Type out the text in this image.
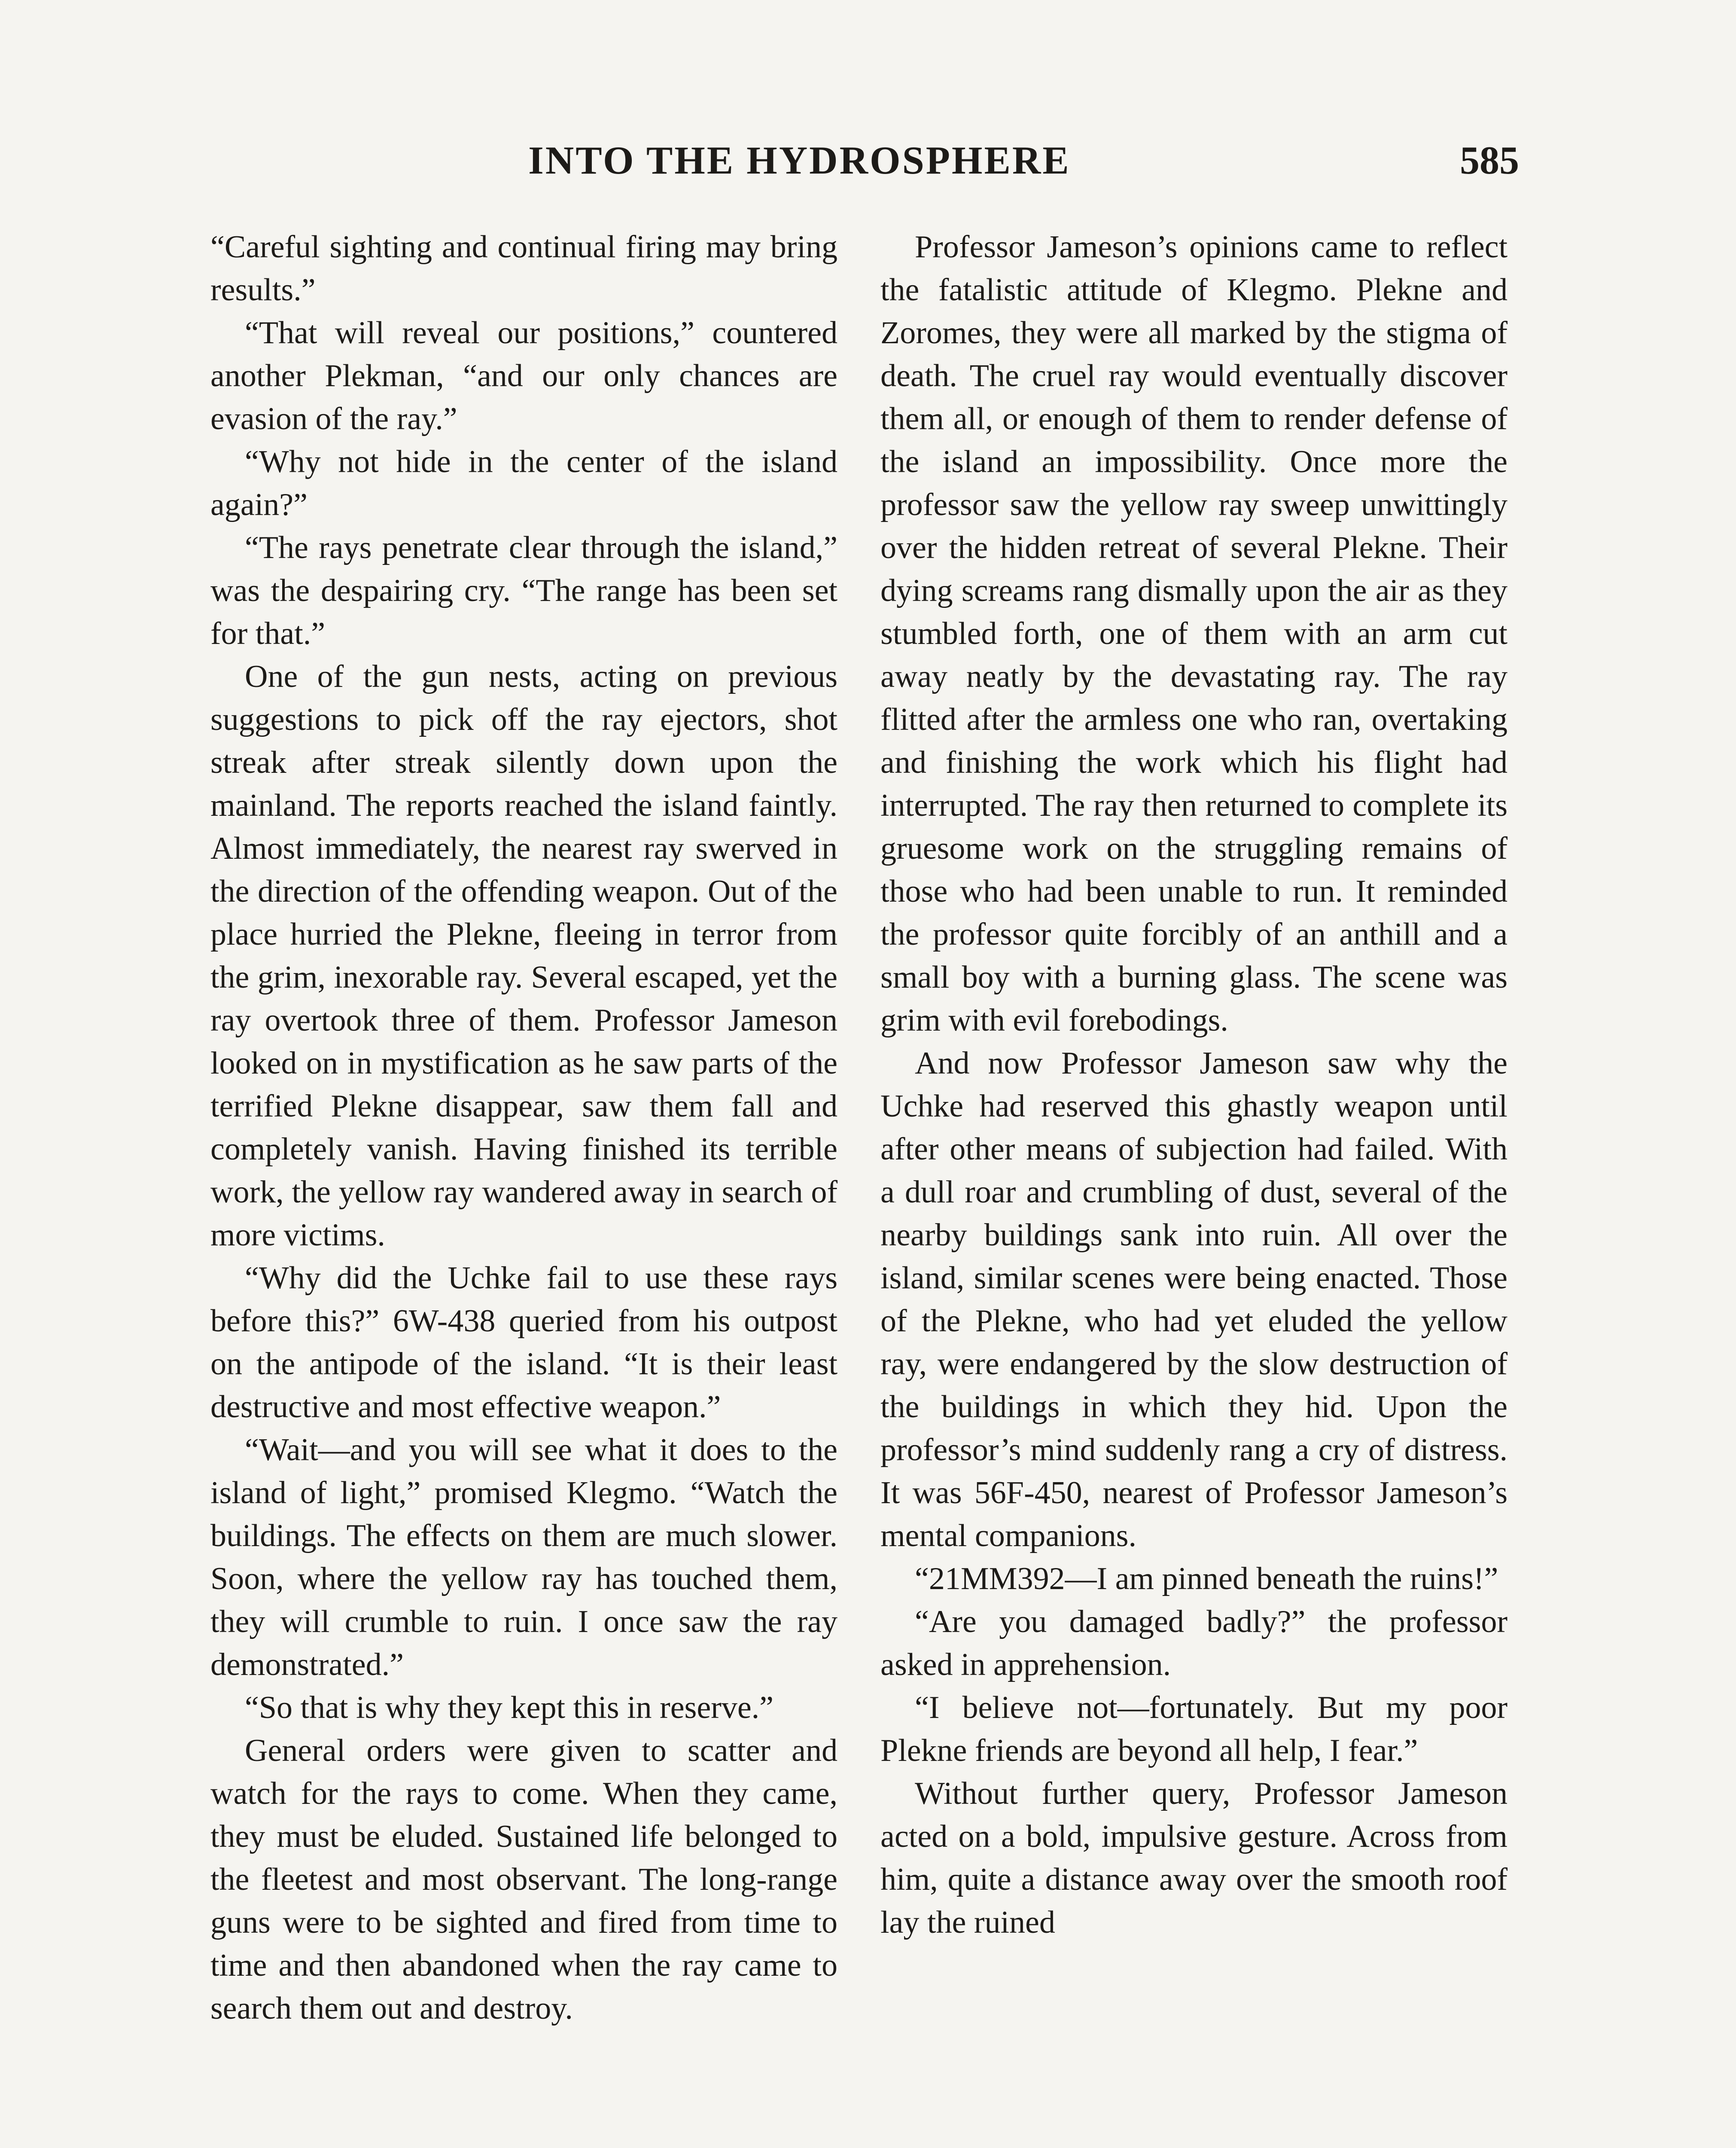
INTO THE HYDROSPHERE	585

“Careful sighting and continual firing may bring results.”

“That will reveal our positions,” countered another Plekman, “and our only chances are evasion of the ray.”

“Why not hide in the center of the island again?”

“The rays penetrate clear through the island,” was the despairing cry. “The range has been set for that.”

One of the gun nests, acting on previous suggestions to pick off the ray ejectors, shot streak after streak silently down upon the mainland. The reports reached the island faintly. Almost immediately, the nearest ray swerved in the direction of the offending weapon. Out of the place hurried the Plekne, fleeing in terror from the grim, inexorable ray. Several escaped, yet the ray overtook three of them. Professor Jameson looked on in mystification as he saw parts of the terrified Plekne disappear, saw them fall and completely vanish. Having finished its terrible work, the yellow ray wandered away in search of more victims.

“Why did the Uchke fail to use these rays before this?” 6W-438 queried from his outpost on the antipode of the island. “It is their least destructive and most effective weapon.”

“Wait—and you will see what it does to the island of light,” promised Klegmo. “Watch the buildings. The effects on them are much slower. Soon, where the yellow ray has touched them, they will crumble to ruin. I once saw the ray demonstrated.”

“So that is why they kept this in reserve.”

General orders were given to scatter and watch for the rays to come. When they came, they must be eluded. Sustained life belonged to the fleetest and most observant. The long-range guns were to be sighted and fired from time to time and then abandoned when the ray came to search them out and destroy.

Professor Jameson’s opinions came to reflect the fatalistic attitude of Klegmo. Plekne and Zoromes, they were all marked by the stigma of death. The cruel ray would eventually discover them all, or enough of them to render defense of the island an impossibility. Once more the professor saw the yellow ray sweep unwittingly over the hidden retreat of several Plekne. Their dying screams rang dismally upon the air as they stumbled forth, one of them with an arm cut away neatly by the devastating ray. The ray flitted after the armless one who ran, overtaking and finishing the work which his flight had interrupted. The ray then returned to complete its gruesome work on the struggling remains of those who had been unable to run. It reminded the professor quite forcibly of an anthill and a small boy with a burning glass. The scene was grim with evil forebodings.

And now Professor Jameson saw why the Uchke had reserved this ghastly weapon until after other means of subjection had failed. With a dull roar and crumbling of dust, several of the nearby buildings sank into ruin. All over the island, similar scenes were being enacted. Those of the Plekne, who had yet eluded the yellow ray, were endangered by the slow destruction of the buildings in which they hid. Upon the professor’s mind suddenly rang a cry of distress. It was 56F-450, nearest of Professor Jameson’s mental companions.

“21MM392—I am pinned beneath the ruins!”

“Are you damaged badly?” the professor asked in apprehension.

“I believe not—fortunately. But my poor Plekne friends are beyond all help, I fear.”

Without further query, Professor Jameson acted on a bold, impulsive gesture. Across from him, quite a distance away over the smooth roof lay the ruined
